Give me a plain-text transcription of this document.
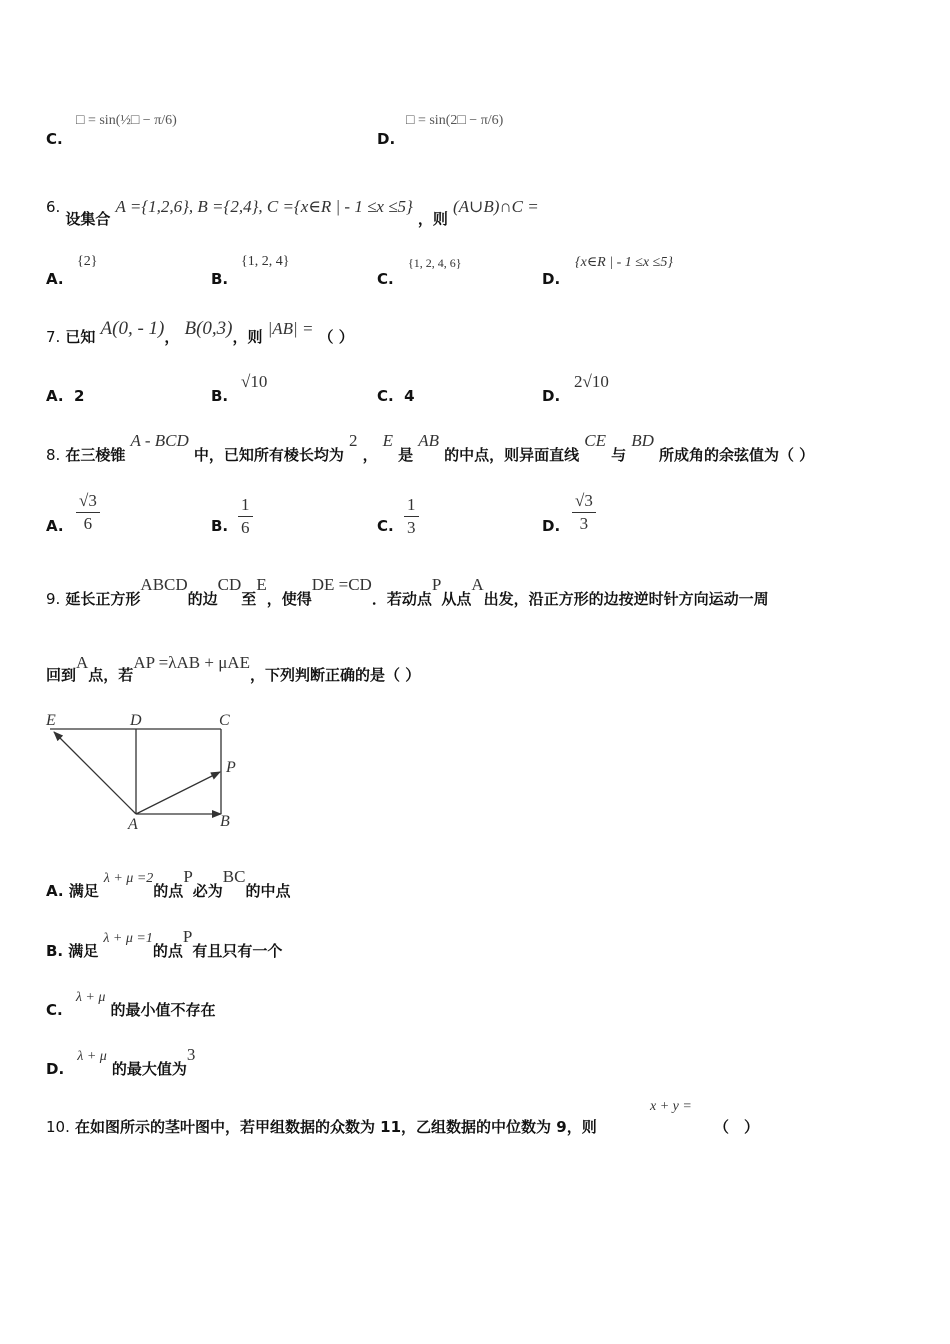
C.
□ = sin(½□ − π/6)
D.
□ = sin(2□ − π/6)
6. 设集合 A ={1,2,6}, B ={2,4}, C ={x∈R | - 1 ≤x ≤5} ，则 (A∪B)∩C =
A.
{2}
B.
{1, 2, 4}
C.
{1, 2, 4, 6}
D.
{x∈R | - 1 ≤x ≤5}
7. 已知 A(0, - 1)， B(0,3)，则 |AB| = （ ）
A. 2	B.
√10
C. 4	D.
2√10
8. 在三棱锥 A - BCD 中，已知所有棱长均为 2 ， E 是 AB 的中点，则异面直线 CE 与 BD 所成角的余弦值为（ ）
A. $\frac{√3}{6}$	B. $\frac{1}{6}$	C. $\frac{1}{3}$	D. $\frac{√3}{3}$
9. 延长正方形ABCD的边CD至E，使得DE =CD．若动点P从点A出发，沿正方形的边按逆时针方向运动一周
回到A点，若AP =λAB + μAE，下列判断正确的是（ ）
E	D	C
P
A	B
A. 满足 λ + μ =2的点P必为BC的中点
B. 满足 λ + μ =1的点P有且只有一个
C. λ + μ 的最小值不存在
D. λ + μ 的最大值为3
10. 在如图所示的茎叶图中，若甲组数据的众数为 11，乙组数据的中位数为 9，则
x + y =
（　）
